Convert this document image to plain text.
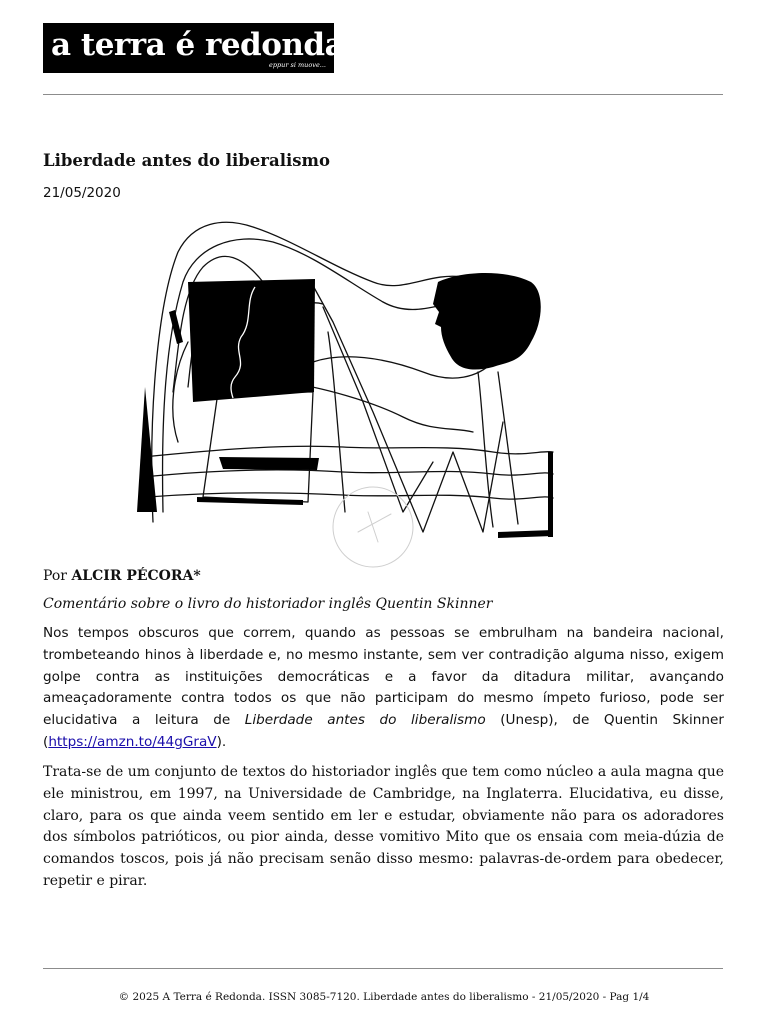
a terra é redonda
eppur si muove...
Liberdade antes do liberalismo
21/05/2020
Por ALCIR PÉCORA*
Comentário sobre o livro do historiador inglês Quentin Skinner

Nos tempos obscuros que correm, quando as pessoas se embrulham na bandeira nacional, trombeteando hinos à liberdade e, no mesmo instante, sem ver contradição alguma nisso, exigem golpe contra as instituições democráticas e a favor da ditadura militar, avançando ameaçadoramente contra todos os que não participam do mesmo ímpeto furioso, pode ser elucidativa a leitura de Liberdade antes do liberalismo (Unesp), de Quentin Skinner (https://amzn.to/44gGraV).

Trata-se de um conjunto de textos do historiador inglês que tem como núcleo a aula magna que ele ministrou, em 1997, na Universidade de Cambridge, na Inglaterra. Elucidativa, eu disse, claro, para os que ainda veem sentido em ler e estudar, obviamente não para os adoradores dos símbolos patrióticos, ou pior ainda, desse vomitivo Mito que os ensaia com meia-dúzia de comandos toscos, pois já não precisam senão disso mesmo: palavras-de-ordem para obedecer, repetir e pirar.

© 2025 A Terra é Redonda. ISSN 3085-7120. Liberdade antes do liberalismo - 21/05/2020 - Pag 1/4
